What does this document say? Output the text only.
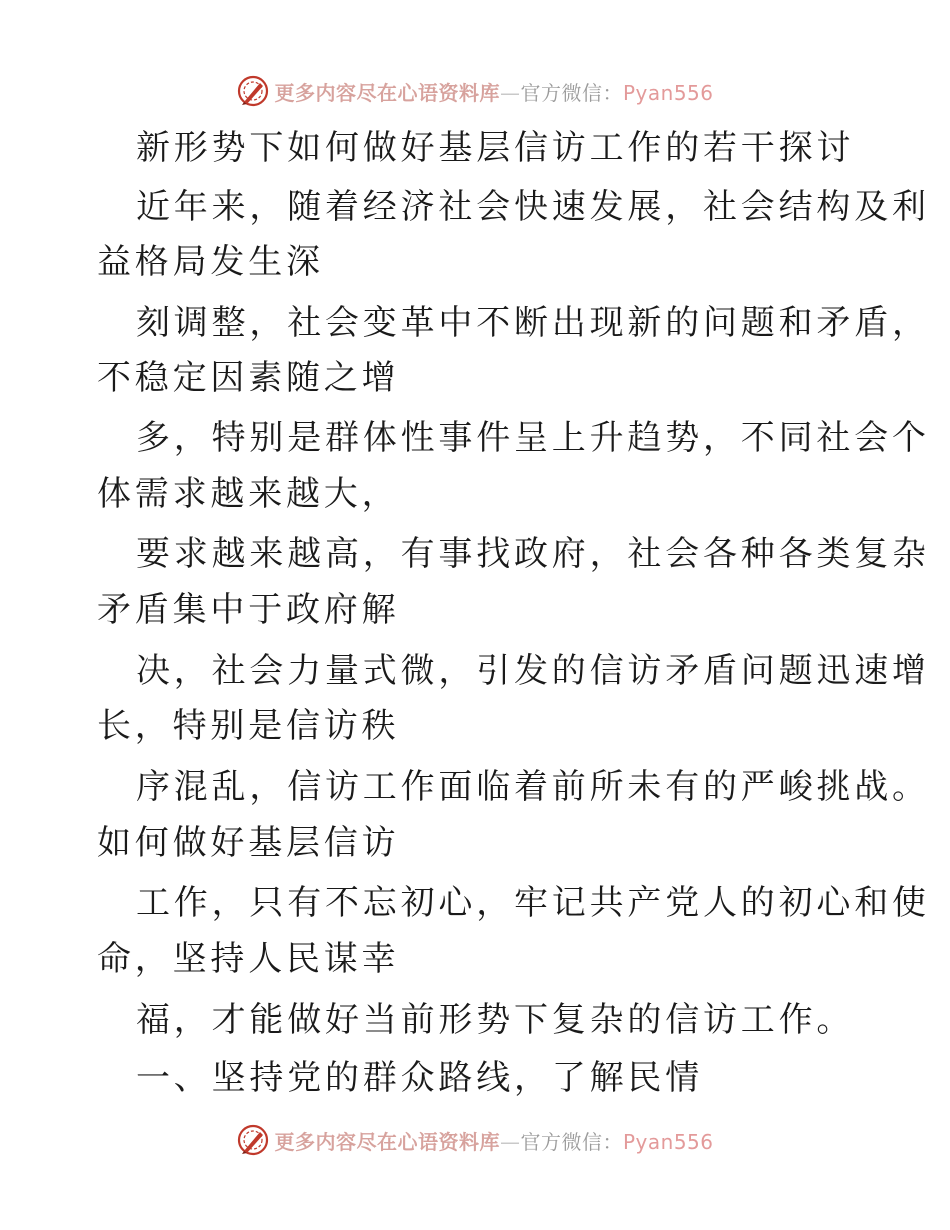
更多内容尽在心语资料库—官方微信：Pyan556
新形势下如何做好基层信访工作的若干探讨
近年来，随着经济社会快速发展，社会结构及利
益格局发生深
刻调整，社会变革中不断出现新的问题和矛盾，
不稳定因素随之增
多，特别是群体性事件呈上升趋势，不同社会个
体需求越来越大，
要求越来越高，有事找政府，社会各种各类复杂
矛盾集中于政府解
决，社会力量式微，引发的信访矛盾问题迅速增
长，特别是信访秩
序混乱，信访工作面临着前所未有的严峻挑战。
如何做好基层信访
工作，只有不忘初心，牢记共产党人的初心和使
命，坚持人民谋幸
福，才能做好当前形势下复杂的信访工作。
一、坚持党的群众路线，了解民情
更多内容尽在心语资料库—官方微信：Pyan556
